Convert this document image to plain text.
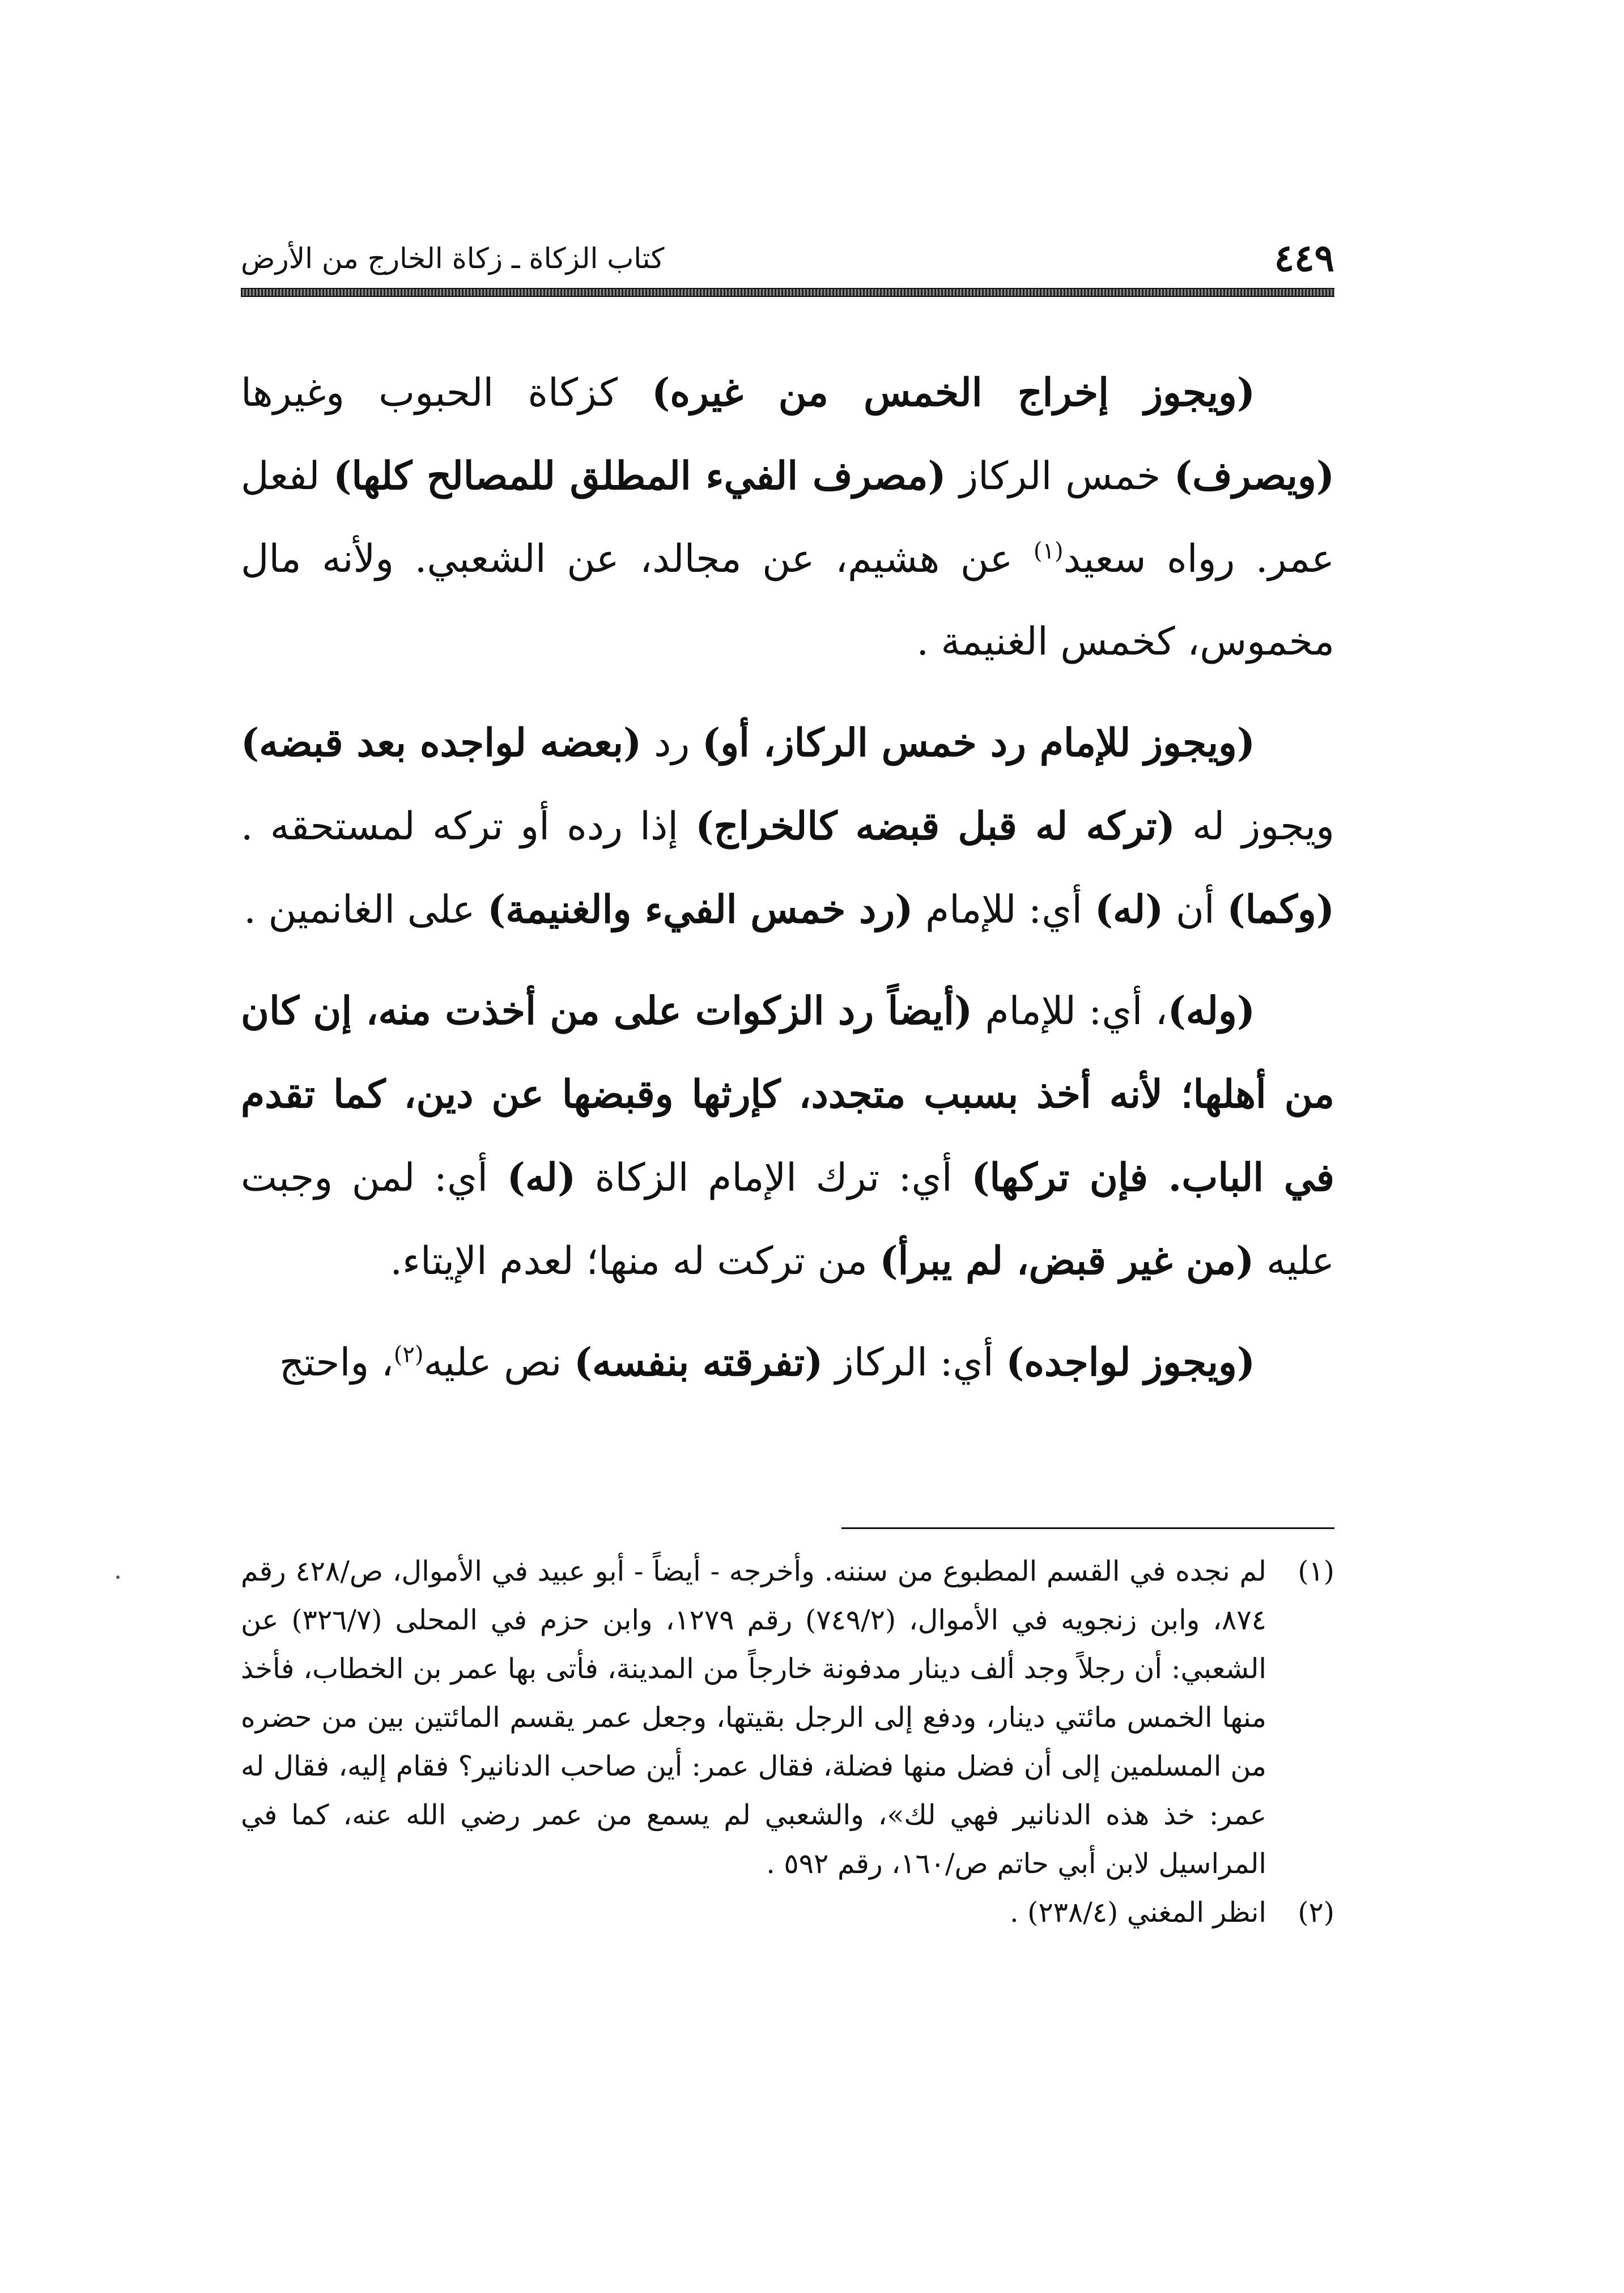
٤٤٩
كتاب الزكاة ـ زكاة الخارج من الأرض

(ويجوز إخراج الخمس من غيره) كزكاة الحبوب وغيرها (ويصرف) خمس الركاز (مصرف الفيء المطلق للمصالح كلها) لفعل عمر. رواه سعيد$^{(١)}$ عن هشيم، عن مجالد، عن الشعبي. ولأنه مال مخموس، كخمس الغنيمة .

(ويجوز للإمام رد خمس الركاز، أو) رد (بعضه لواجده بعد قبضه) ويجوز له (تركه له قبل قبضه كالخراج) إذا رده أو تركه لمستحقه .(وكما) أن (له) أي: للإمام (رد خمس الفيء والغنيمة) على الغانمين .

(وله)، أي: للإمام (أيضاً رد الزكوات على من أخذت منه، إن كان من أهلها؛ لأنه أخذ بسبب متجدد، كإرثها وقبضها عن دين، كما تقدم في الباب. فإن تركها) أي: ترك الإمام الزكاة (له) أي: لمن وجبت عليه (من غير قبض، لم يبرأ) من تركت له منها؛ لعدم الإيتاء.

(ويجوز لواجده) أي: الركاز (تفرقته بنفسه) نص عليه$^{(٢)}$، واحتج

(١)
لم نجده في القسم المطبوع من سننه. وأخرجه - أيضاً - أبو عبيد في الأموال، ص/٤٢٨ رقم ٨٧٤، وابن زنجويه في الأموال، (٧٤٩/٢) رقم ١٢٧٩، وابن حزم في المحلى (٣٢٦/٧) عن الشعبي: أن رجلاً وجد ألف دينار مدفونة خارجاً من المدينة، فأتى بها عمر بن الخطاب، فأخذ منها الخمس مائتي دينار، ودفع إلى الرجل بقيتها، وجعل عمر يقسم المائتين بين من حضره من المسلمين إلى أن فضل منها فضلة، فقال عمر: أين صاحب الدنانير؟ فقام إليه، فقال له عمر: خذ هذه الدنانير فهي لك»، والشعبي لم يسمع من عمر رضي الله عنه، كما في المراسيل لابن أبي حاتم ص/١٦٠، رقم ٥٩٢ .

(٢)
انظر المغني (٢٣٨/٤) .
